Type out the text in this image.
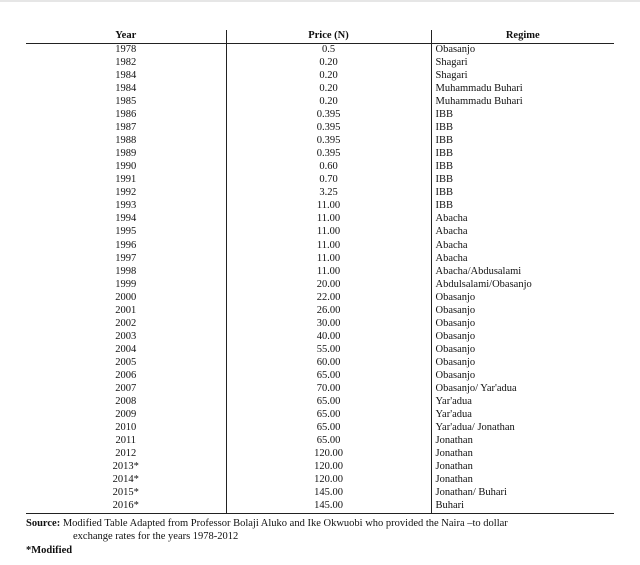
Year	Price (N)	Regime
1978	0.5	Obasanjo
1982	0.20	Shagari
1984	0.20	Shagari
1984	0.20	Muhammadu Buhari
1985	0.20	Muhammadu Buhari
1986	0.395	IBB
1987	0.395	IBB
1988	0.395	IBB
1989	0.395	IBB
1990	0.60	IBB
1991	0.70	IBB
1992	3.25	IBB
1993	11.00	IBB
1994	11.00	Abacha
1995	11.00	Abacha
1996	11.00	Abacha
1997	11.00	Abacha
1998	11.00	Abacha/Abdusalami
1999	20.00	Abdulsalami/Obasanjo
2000	22.00	Obasanjo
2001	26.00	Obasanjo
2002	30.00	Obasanjo
2003	40.00	Obasanjo
2004	55.00	Obasanjo
2005	60.00	Obasanjo
2006	65.00	Obasanjo
2007	70.00	Obasanjo/ Yar'adua
2008	65.00	Yar'adua
2009	65.00	Yar'adua
2010	65.00	Yar'adua/ Jonathan
2011	65.00	Jonathan
2012	120.00	Jonathan
2013*	120.00	Jonathan
2014*	120.00	Jonathan
2015*	145.00	Jonathan/ Buhari
2016*	145.00	Buhari
Source: Modified Table Adapted from Professor Bolaji Aluko and Ike Okwuobi who provided the Naira –to dollar
exchange rates for the years 1978-2012
*Modified
